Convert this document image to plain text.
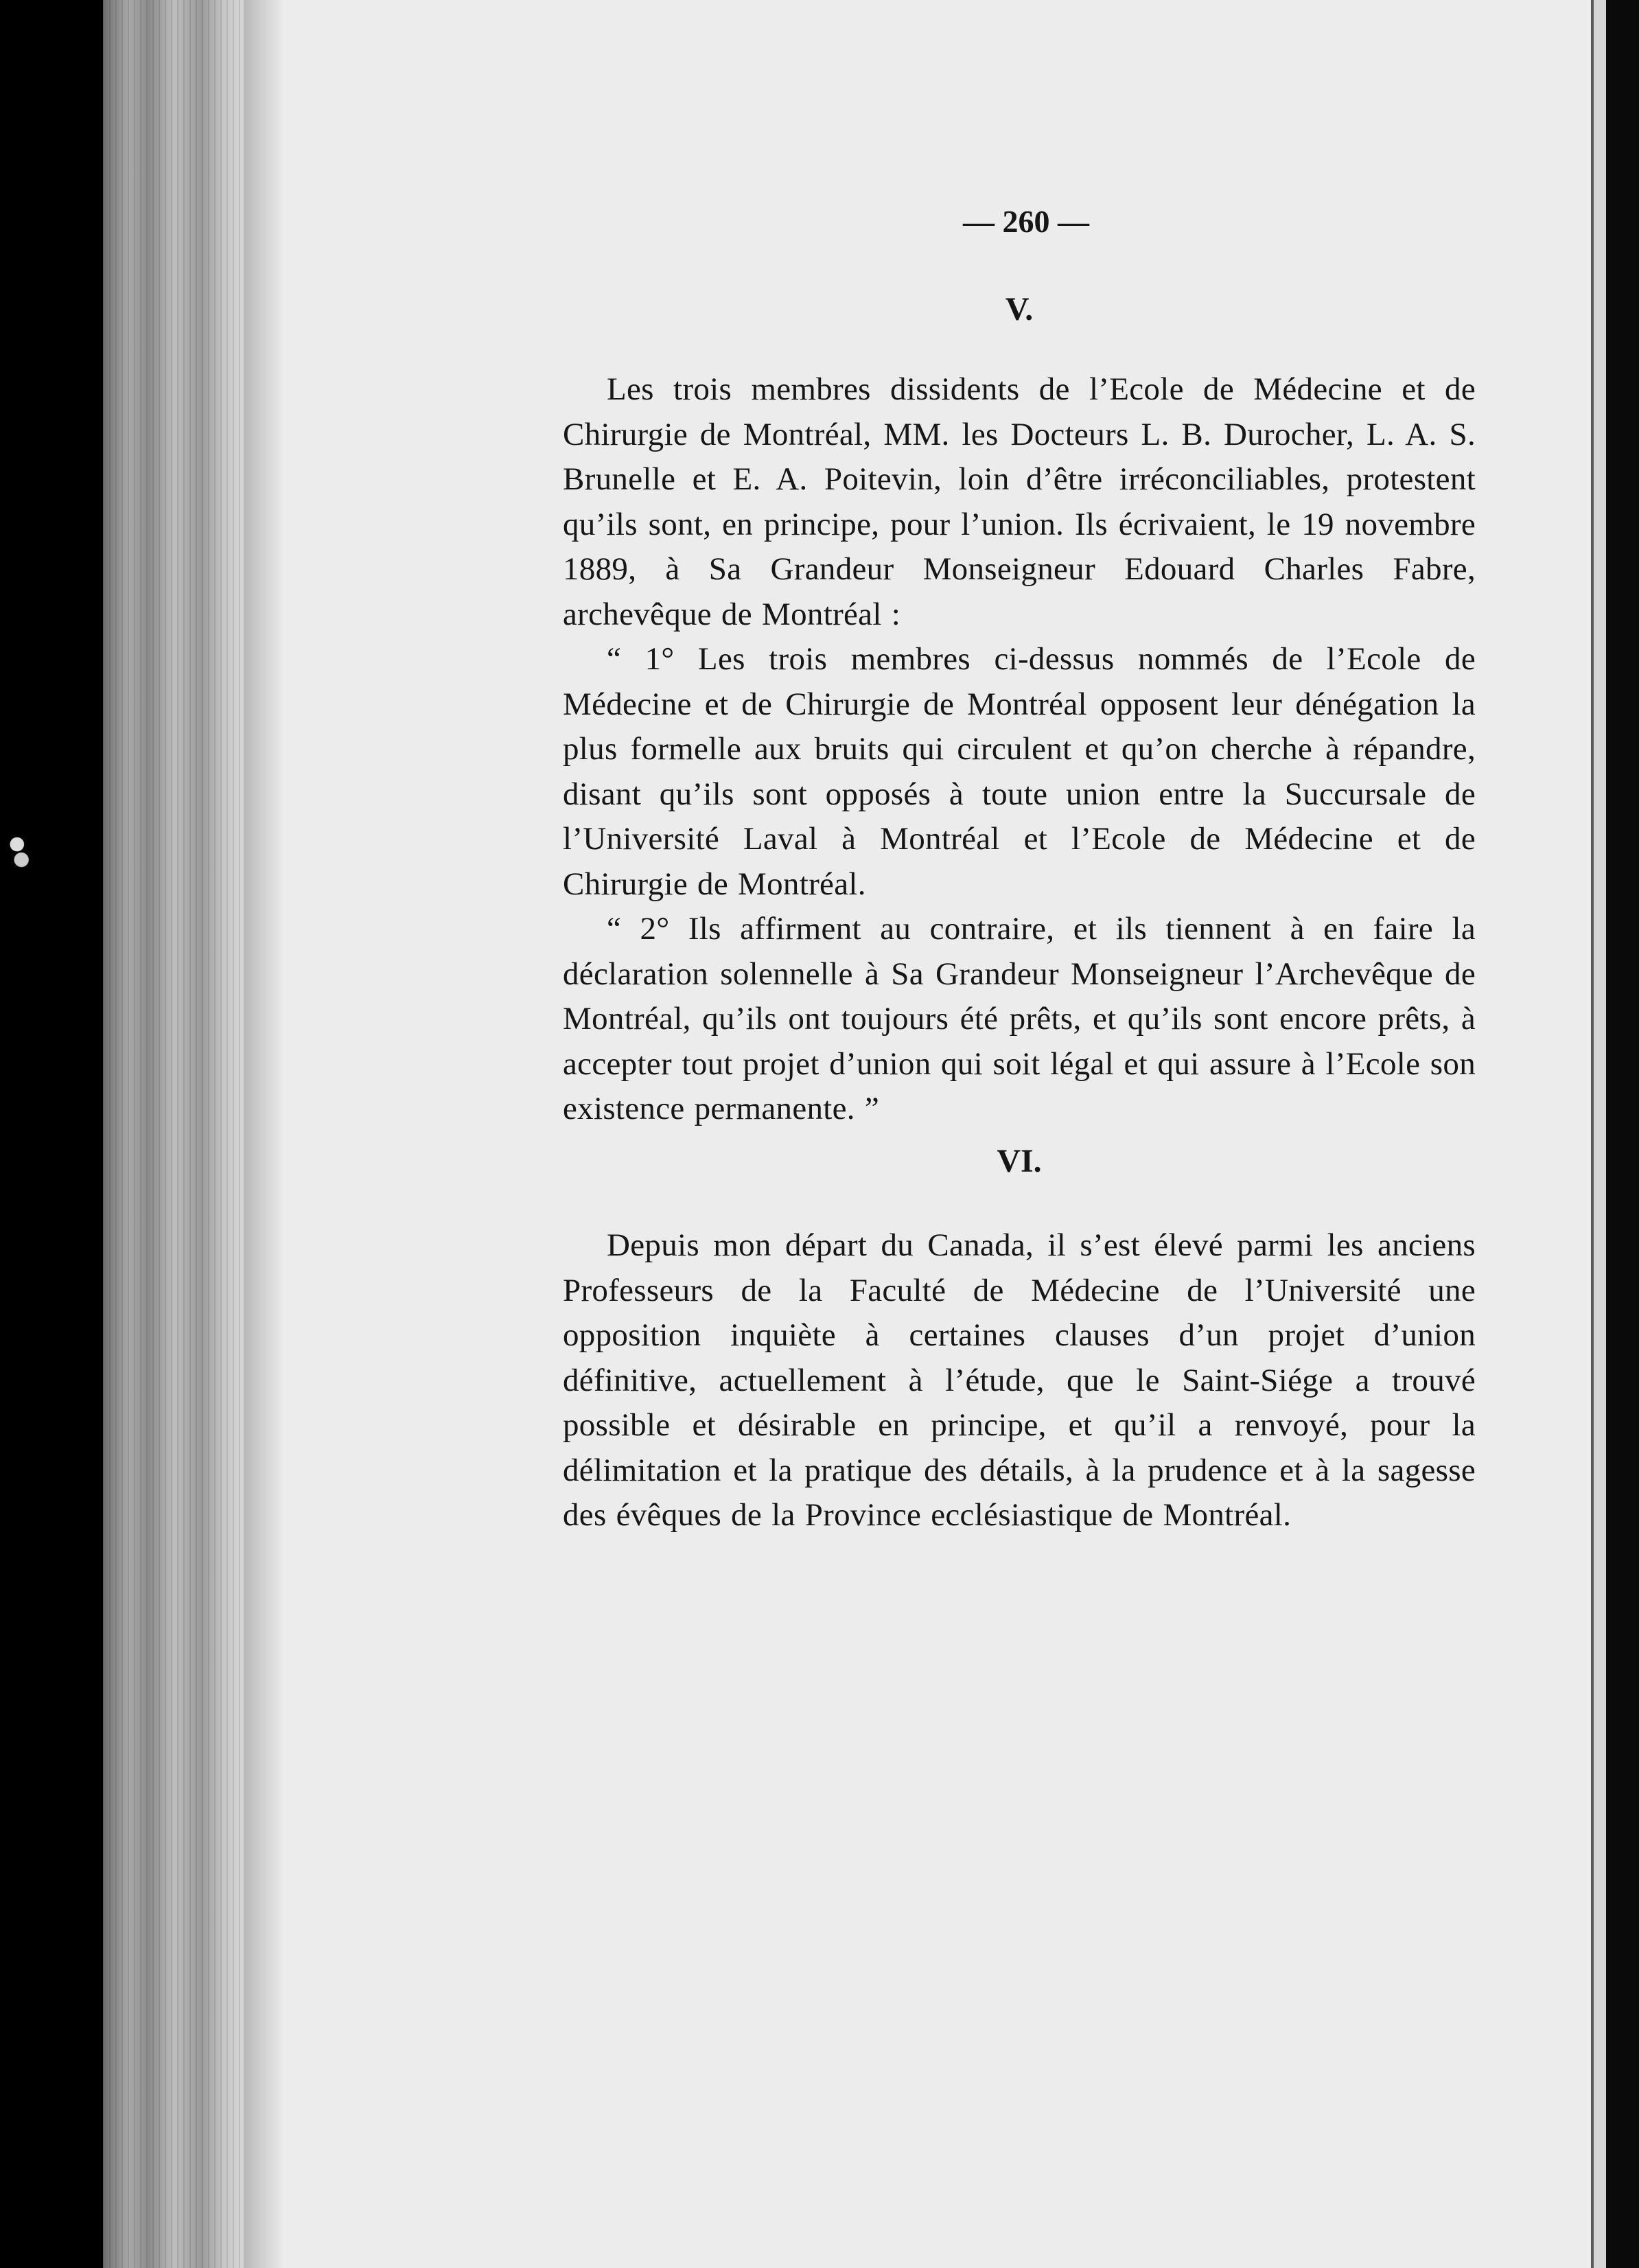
— 260 —
V.

Les trois membres dissidents de l’Ecole de Médecine et de Chirurgie de Montréal, MM. les Docteurs L. B. Durocher, L. A. S. Brunelle et E. A. Poitevin, loin d’être irréconciliables, protestent qu’ils sont, en principe, pour l’union. Ils écrivaient, le 19 novembre 1889, à Sa Grandeur Monseigneur Edouard Charles Fabre, archevêque de Montréal :

“ 1° Les trois membres ci-dessus nommés de l’Ecole de Médecine et de Chirurgie de Montréal opposent leur dénégation la plus formelle aux bruits qui circulent et qu’on cherche à répandre, disant qu’ils sont opposés à toute union entre la Succursale de l’Université Laval à Montréal et l’Ecole de Médecine et de Chirurgie de Montréal.

“ 2° Ils affirment au contraire, et ils tiennent à en faire la déclaration solennelle à Sa Grandeur Monseigneur l’Archevêque de Montréal, qu’ils ont toujours été prêts, et qu’ils sont encore prêts, à accepter tout projet d’union qui soit légal et qui assure à l’Ecole son existence permanente. ”

VI.

Depuis mon départ du Canada, il s’est élevé parmi les anciens Professeurs de la Faculté de Médecine de l’Université une opposition inquiète à certaines clauses d’un projet d’union définitive, actuellement à l’étude, que le Saint-Siége a trouvé possible et désirable en principe, et qu’il a renvoyé, pour la délimitation et la pratique des détails, à la prudence et à la sagesse des évêques de la Province ecclésiastique de Montréal.
